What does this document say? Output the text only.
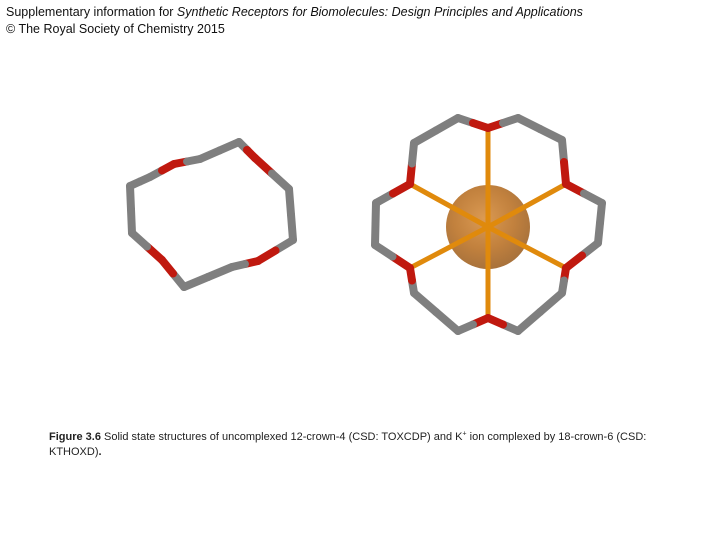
Supplementary information for Synthetic Receptors for Biomolecules: Design Principles and Applications
© The Royal Society of Chemistry 2015
Figure 3.6 Solid state structures of uncomplexed 12-crown-4 (CSD: TOXCDP) and K+ ion complexed by 18-crown-6 (CSD: KTHOXD).
